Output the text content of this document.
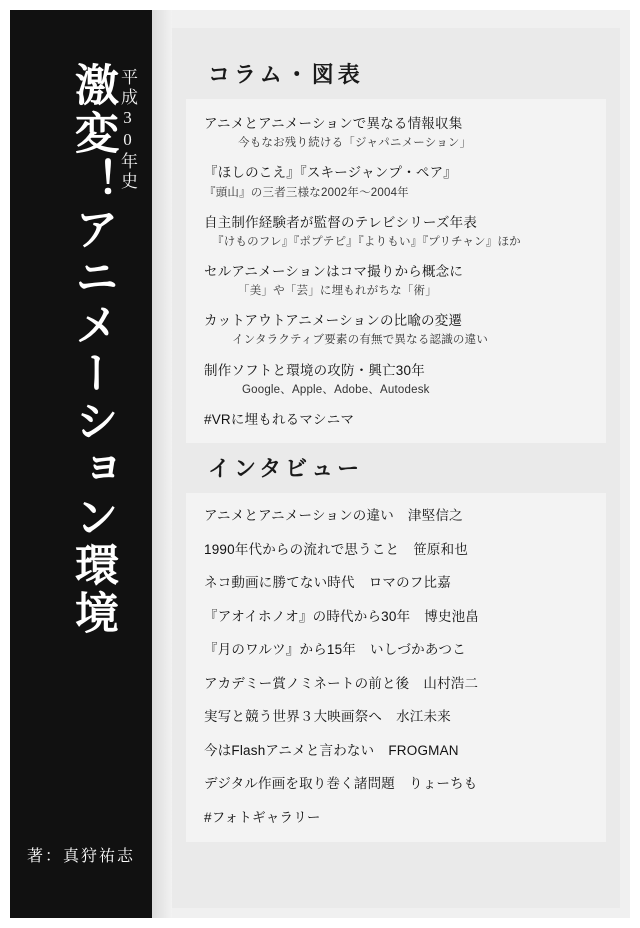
平成30年史
激変！アニメーション環境
著：真狩祐志
コラム・図表
アニメとアニメーションで異なる情報収集
今もなお残り続ける「ジャパニメーション」
『ほしのこえ』『スキージャンプ・ペア』
『頭山』の三者三様な2002年〜2004年
自主制作経験者が監督のテレビシリーズ年表
『けものフレ』『ポプテピ』『よりもい』『プリチャン』ほか
セルアニメーションはコマ撮りから概念に
「美」や「芸」に埋もれがちな「術」
カットアウトアニメーションの比喩の変遷
インタラクティブ要素の有無で異なる認識の違い
制作ソフトと環境の攻防・興亡30年
Google、Apple、Adobe、Autodesk
#VRに埋もれるマシニマ
インタビュー
アニメとアニメーションの違い 津堅信之
1990年代からの流れで思うこと 笹原和也
ネコ動画に勝てない時代 ロマのフ比嘉
『アオイホノオ』の時代から30年 博史池畠
『月のワルツ』から15年 いしづかあつこ
アカデミー賞ノミネートの前と後 山村浩二
実写と競う世界３大映画祭へ 水江未来
今はFlashアニメと言わない FROGMAN
デジタル作画を取り巻く諸問題 りょーちも
#フォトギャラリー
